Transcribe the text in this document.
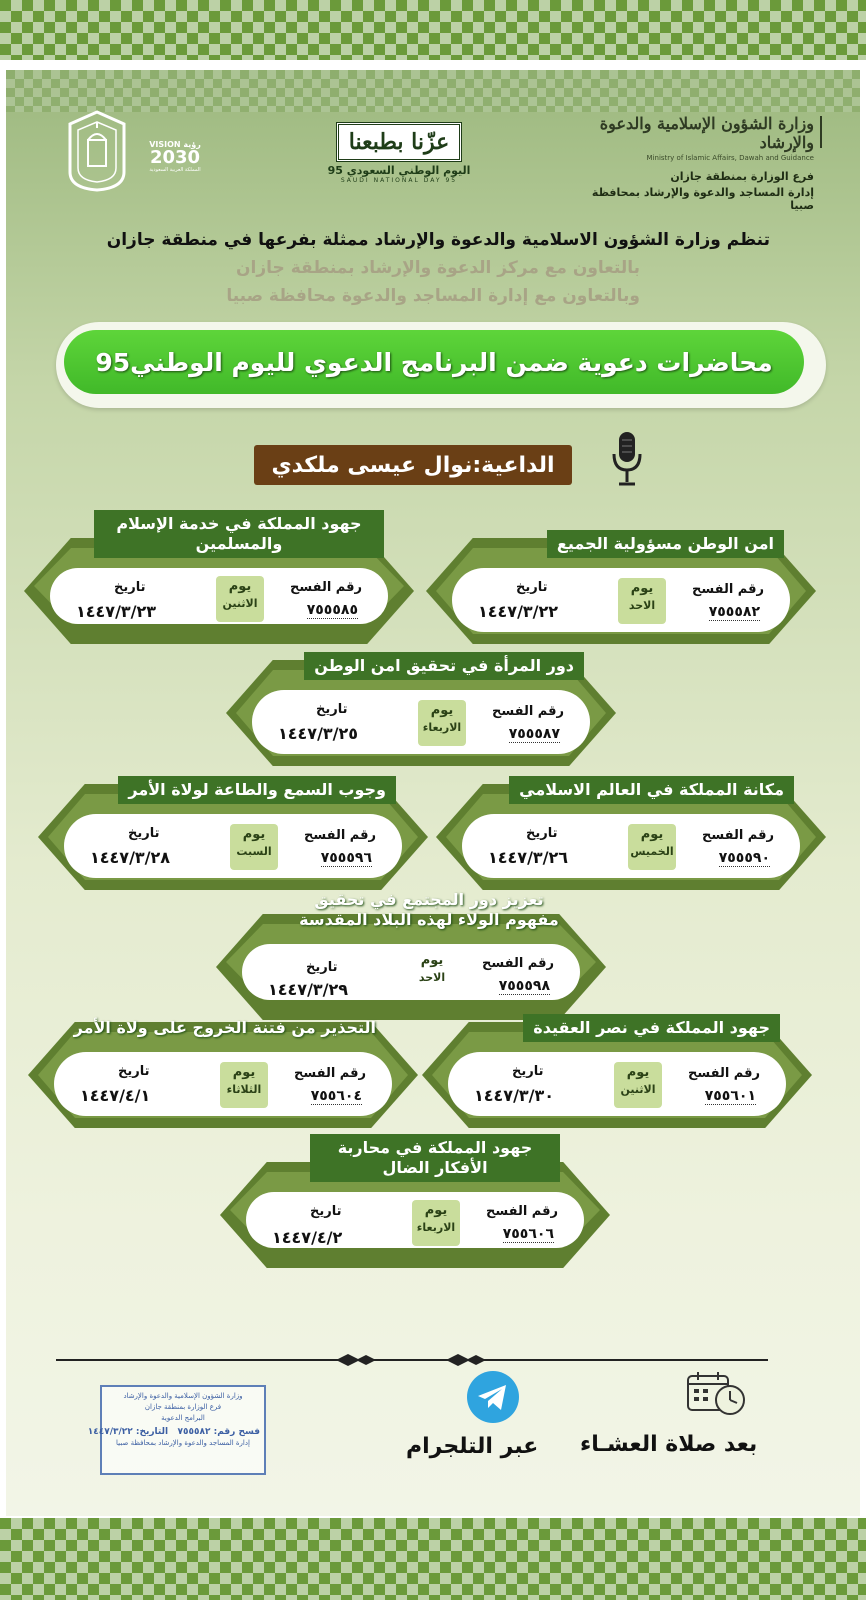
وزارة الشؤون الإسلامية والدعوة والإرشاد
Ministry of Islamic Affairs, Dawah and Guidance
فرع الوزارة بمنطقة جازان
إدارة المساجد والدعوة والإرشاد بمحافظة صبيا
عزّنا بطبعنا
اليوم الوطني السعودي 95
SAUDI NATIONAL DAY 95
VISION رؤية
2030
المملكة العربية السعودية
تنظم وزارة الشؤون الاسلامية والدعوة والإرشاد ممثلة بفرعها في منطقة جازان
بالتعاون مع مركز الدعوة والإرشاد بمنطقة جازان
وبالتعاون مع إدارة المساجد والدعوة محافظة صبيا
محاضرات دعوية ضمن البرنامج الدعوي لليوم الوطني95
الداعية:نوال عيسى ملكدي
امن الوطن مسؤولية الجميع
رقم الفسح
٧٥٥٥٨٢
يوم
الاحد
تاريخ
١٤٤٧/٣/٢٢
جهود المملكة في خدمة الإسلام والمسلمين
رقم الفسح
٧٥٥٥٨٥
يوم
الاثنين
تاريخ
١٤٤٧/٣/٢٣
دور المرأة في تحقيق امن الوطن
رقم الفسح
٧٥٥٥٨٧
يوم
الاربعاء
تاريخ
١٤٤٧/٣/٢٥
مكانة المملكة في العالم الاسلامي
رقم الفسح
٧٥٥٥٩٠
يوم
الخميس
تاريخ
١٤٤٧/٣/٢٦
وجوب السمع والطاعة لولاة الأمر
رقم الفسح
٧٥٥٥٩٦
يوم
السبت
تاريخ
١٤٤٧/٣/٢٨
تعزيز دور المجتمع في تحقيق مفهوم الولاء لهذه البلاد المقدسة
رقم الفسح
٧٥٥٥٩٨
يوم
الاحد
تاريخ
١٤٤٧/٣/٢٩
جهود المملكة في نصر العقيدة
رقم الفسح
٧٥٥٦٠١
يوم
الاثنين
تاريخ
١٤٤٧/٣/٣٠
التحذير من فتنة الخروج على ولاة الأمر
رقم الفسح
٧٥٥٦٠٤
يوم
الثلاثاء
تاريخ
١٤٤٧/٤/١
جهود المملكة في محاربة الأفكار الضال
رقم الفسح
٧٥٥٦٠٦
يوم
الاربعاء
تاريخ
١٤٤٧/٤/٢
عبر التلجرام بعد صلاة العشـاء
وزارة الشؤون الإسلامية والدعوة والإرشاد
فرع الوزارة بمنطقة جازان
البرامج الدعوية
فسح رقم: ٧٥٥٥٨٢   التاريخ: ١٤٤٧/٣/٢٢
إدارة المساجد والدعوة والإرشاد بمحافظة صبيا
